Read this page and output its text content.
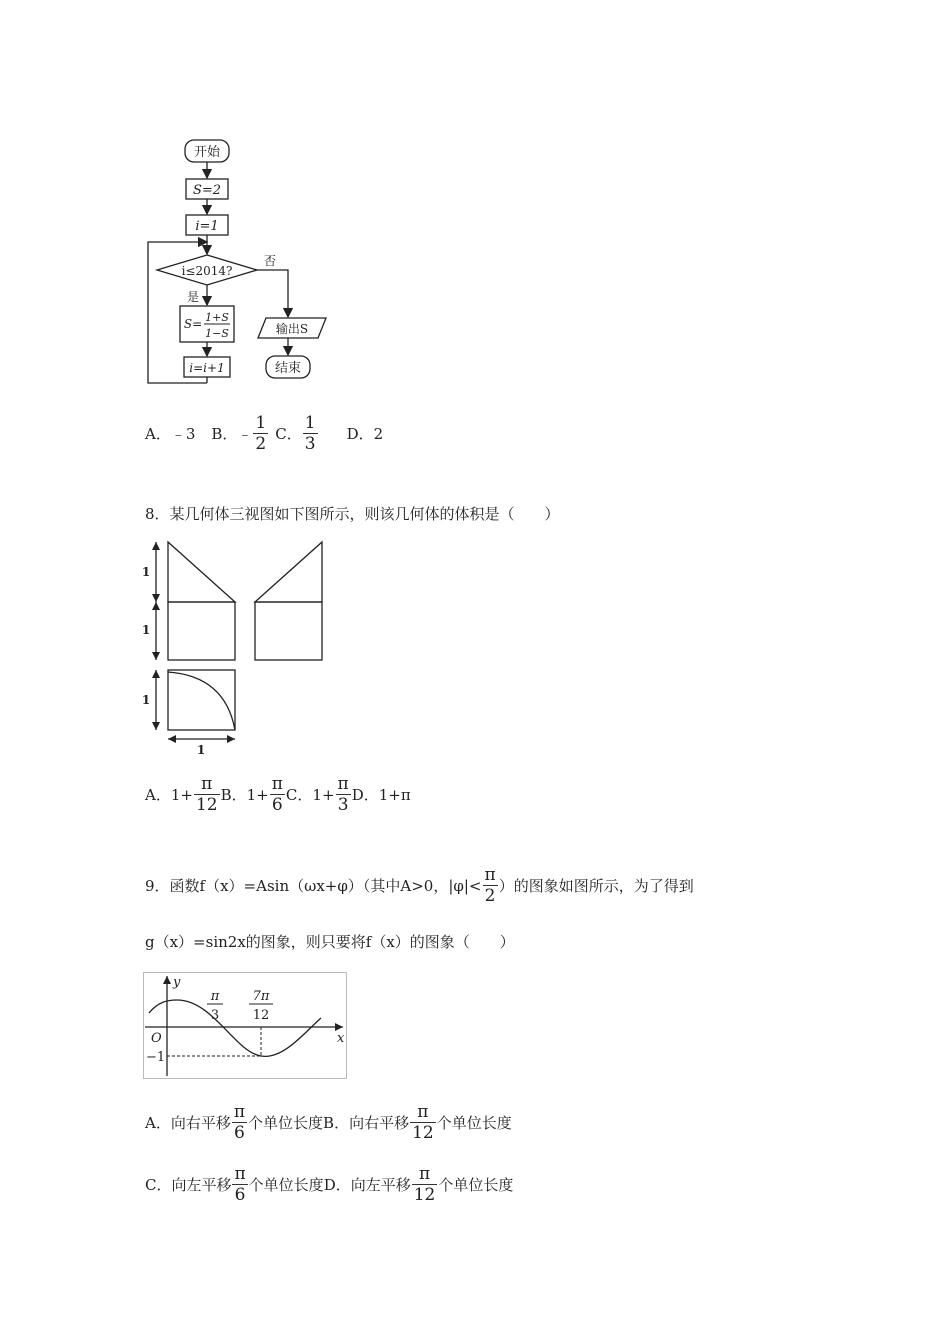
开始
S=2
i=1
i≤2014?
是
否
S= 1+S
1−S
i=i+1
输出S
结束
A．﹣3 B．﹣ $\frac{1}{2}$ C． $\frac{1}{3}$ D．2
8．某几何体三视图如下图所示，则该几何体的体积是（　　）
1
1
1
1
A．$1+ \frac{\pi}{12}$ B．$1+ \frac{\pi}{6}$ C．$1+ \frac{\pi}{3}$ D．1+π
9．函数f（x）=Asin（ωx+φ）（其中A>0，$|\varphi|< \frac{\pi}{2}$ ）的图象如图所示，为了得到
g（x）=sin2x的图象，则只要将f（x）的图象（　　）
y
x
O
−1
π
3
7π
12
A．向右平移 $\frac{\pi}{6}$ 个单位长度 B．向右平移 $\frac{\pi}{12}$ 个单位长度
C．向左平移 $\frac{\pi}{6}$ 个单位长度 D．向左平移 $\frac{\pi}{12}$ 个单位长度
